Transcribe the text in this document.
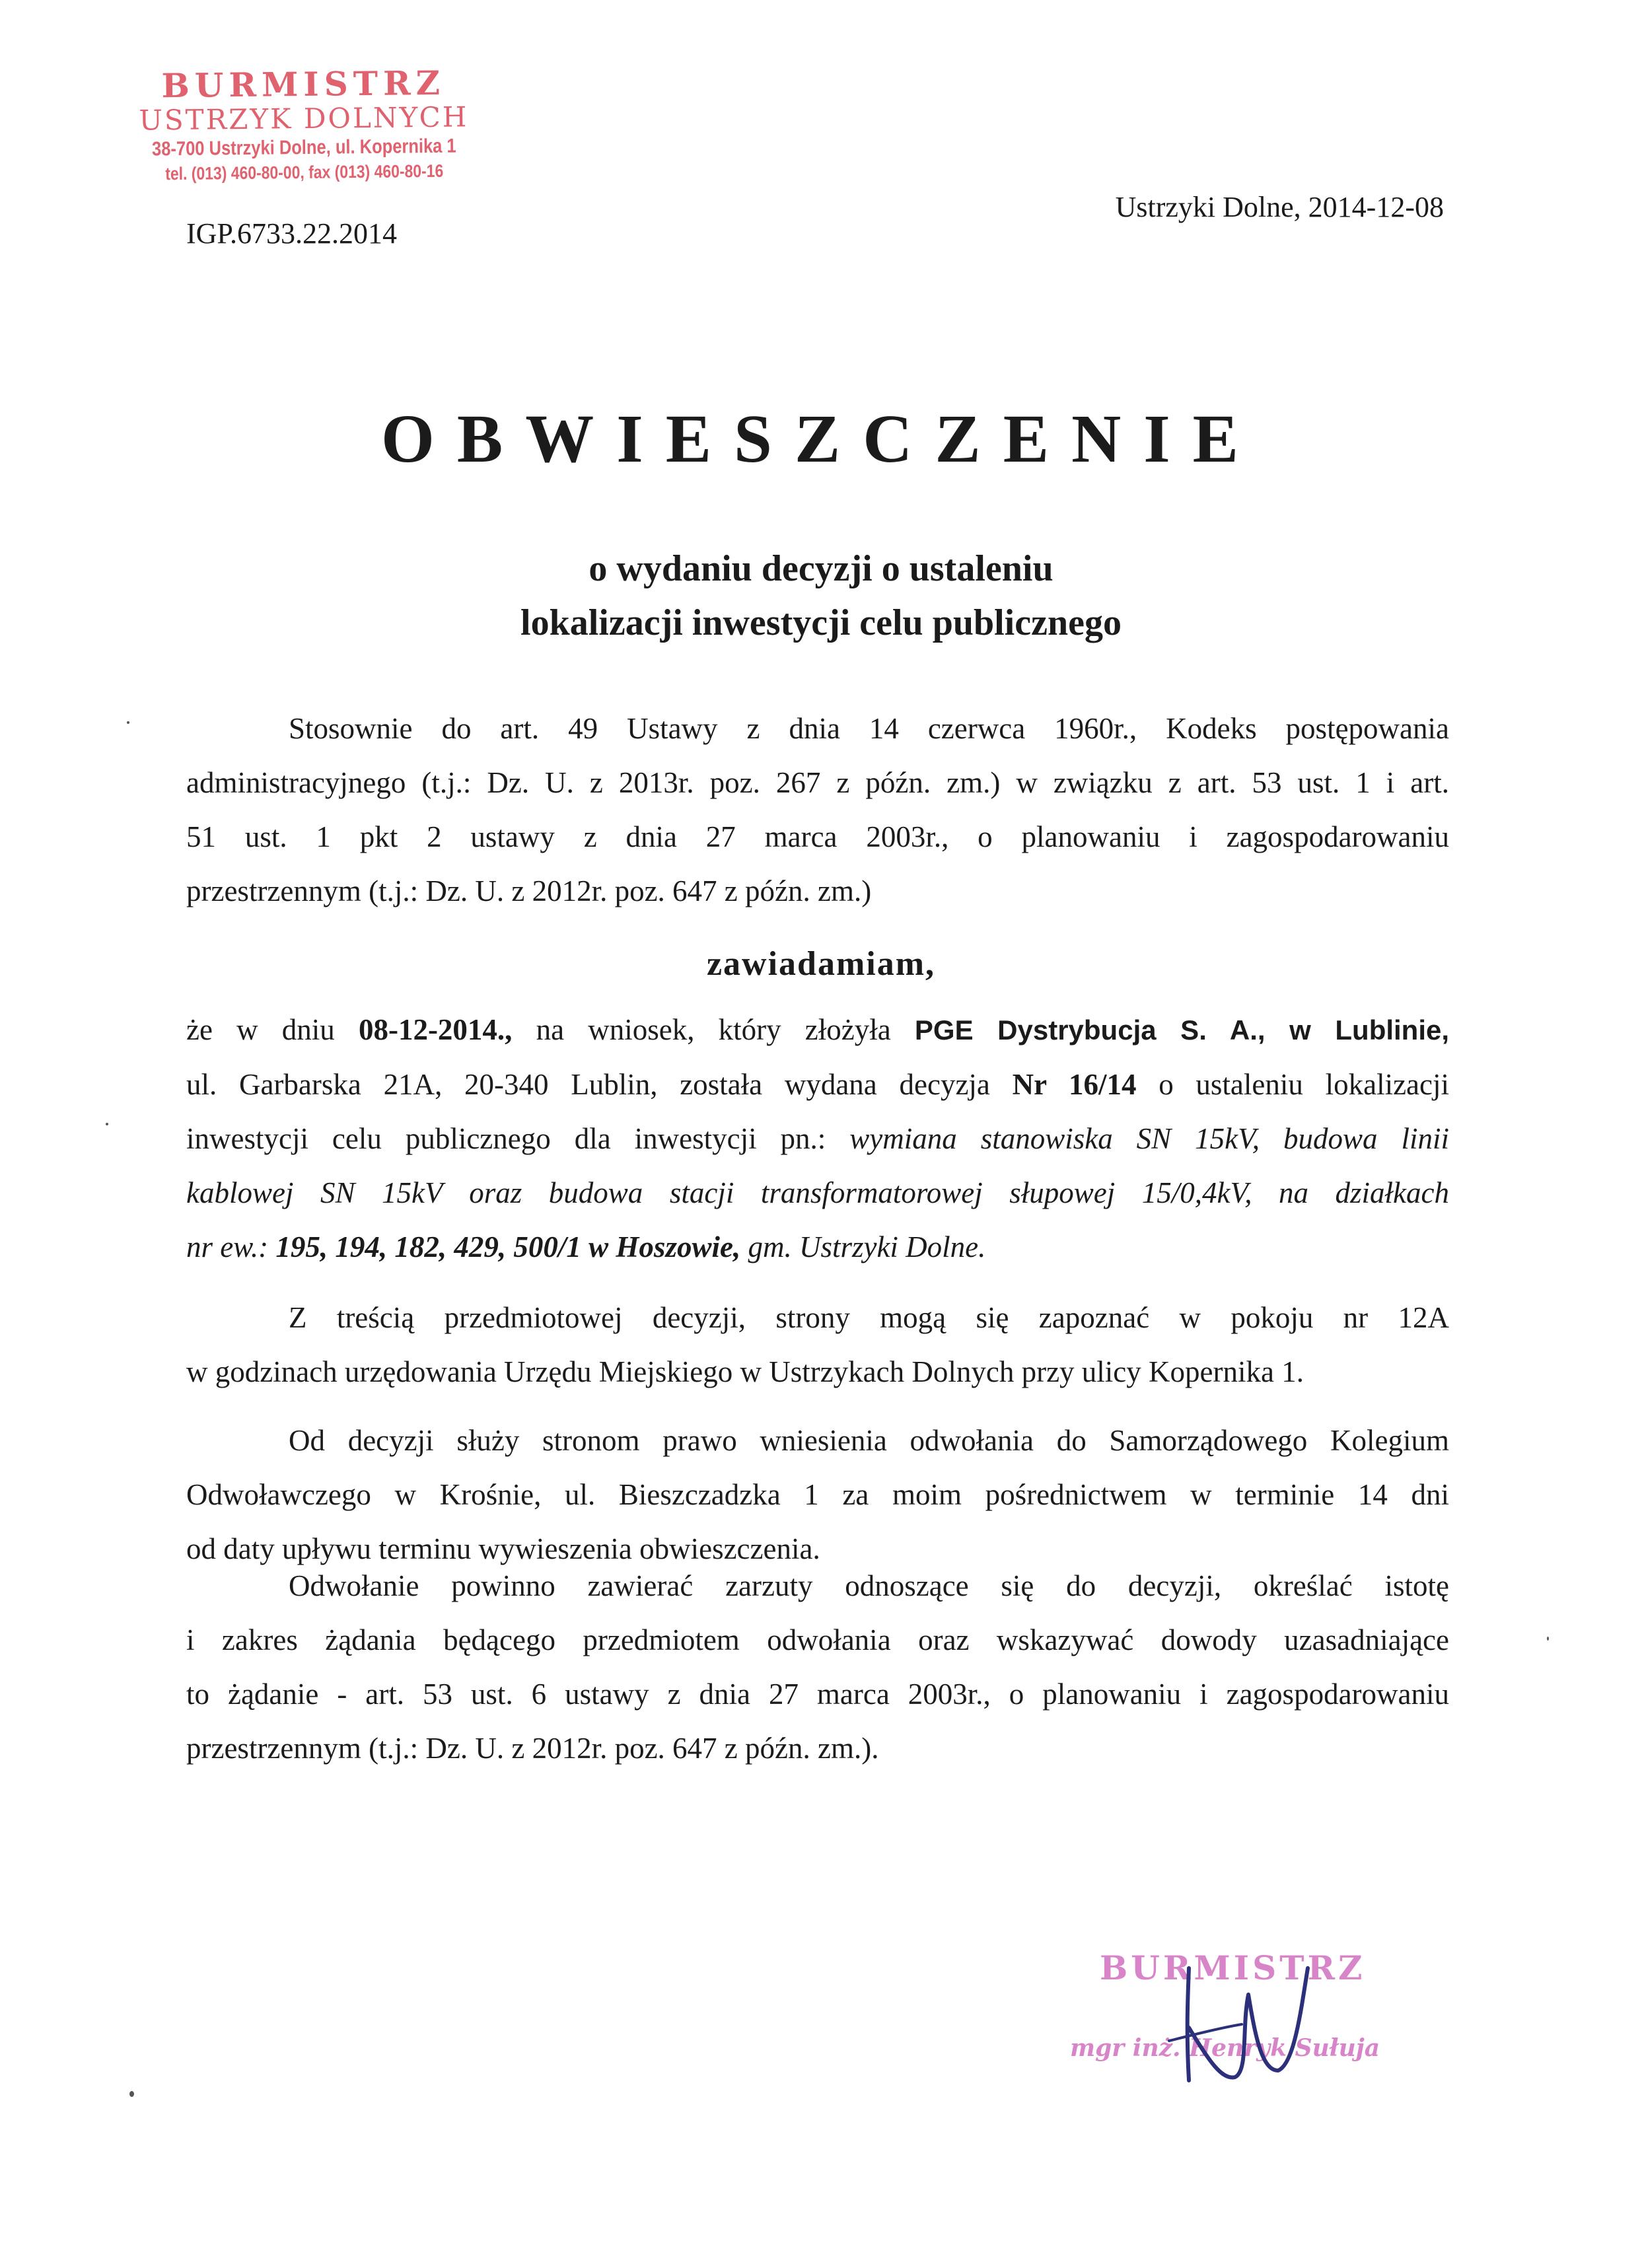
BURMISTRZ
USTRZYK DOLNYCH
38-700 Ustrzyki Dolne, ul. Kopernika 1
tel. (013) 460-80-00, fax (013) 460-80-16
IGP.6733.22.2014
Ustrzyki Dolne, 2014-12-08
OBWIESZCZENIE
o wydaniu decyzji o ustaleniu
lokalizacji inwestycji celu publicznego
Stosownie do art. 49 Ustawy z dnia 14 czerwca 1960r., Kodeks postępowania
administracyjnego (t.j.: Dz. U. z 2013r. poz. 267 z późn. zm.) w związku z art. 53 ust. 1 i art.
51 ust. 1 pkt 2 ustawy z dnia 27 marca 2003r., o planowaniu i zagospodarowaniu
przestrzennym (t.j.: Dz. U. z 2012r. poz. 647 z późn. zm.)
zawiadamiam,
że w dniu 08-12-2014., na wniosek, który złożyła PGE Dystrybucja S. A., w Lublinie,
ul. Garbarska 21A, 20-340 Lublin, została wydana decyzja Nr 16/14 o ustaleniu lokalizacji
inwestycji celu publicznego dla inwestycji pn.: wymiana stanowiska SN 15kV, budowa linii
kablowej SN 15kV oraz budowa stacji transformatorowej słupowej 15/0,4kV, na działkach
nr ew.: 195, 194, 182, 429, 500/1 w Hoszowie, gm. Ustrzyki Dolne.
Z treścią przedmiotowej decyzji, strony mogą się zapoznać w pokoju nr 12A
w godzinach urzędowania Urzędu Miejskiego w Ustrzykach Dolnych przy ulicy Kopernika 1.
Od decyzji służy stronom prawo wniesienia odwołania do Samorządowego Kolegium
Odwoławczego w Krośnie, ul. Bieszczadzka 1 za moim pośrednictwem w terminie 14 dni
od daty upływu terminu wywieszenia obwieszczenia.
Odwołanie powinno zawierać zarzuty odnoszące się do decyzji, określać istotę
i zakres żądania będącego przedmiotem odwołania oraz wskazywać dowody uzasadniające
to żądanie - art. 53 ust. 6 ustawy z dnia 27 marca 2003r., o planowaniu i zagospodarowaniu
przestrzennym (t.j.: Dz. U. z 2012r. poz. 647 z późn. zm.).
BURMISTRZ
mgr inż. Henryk Sułuja
